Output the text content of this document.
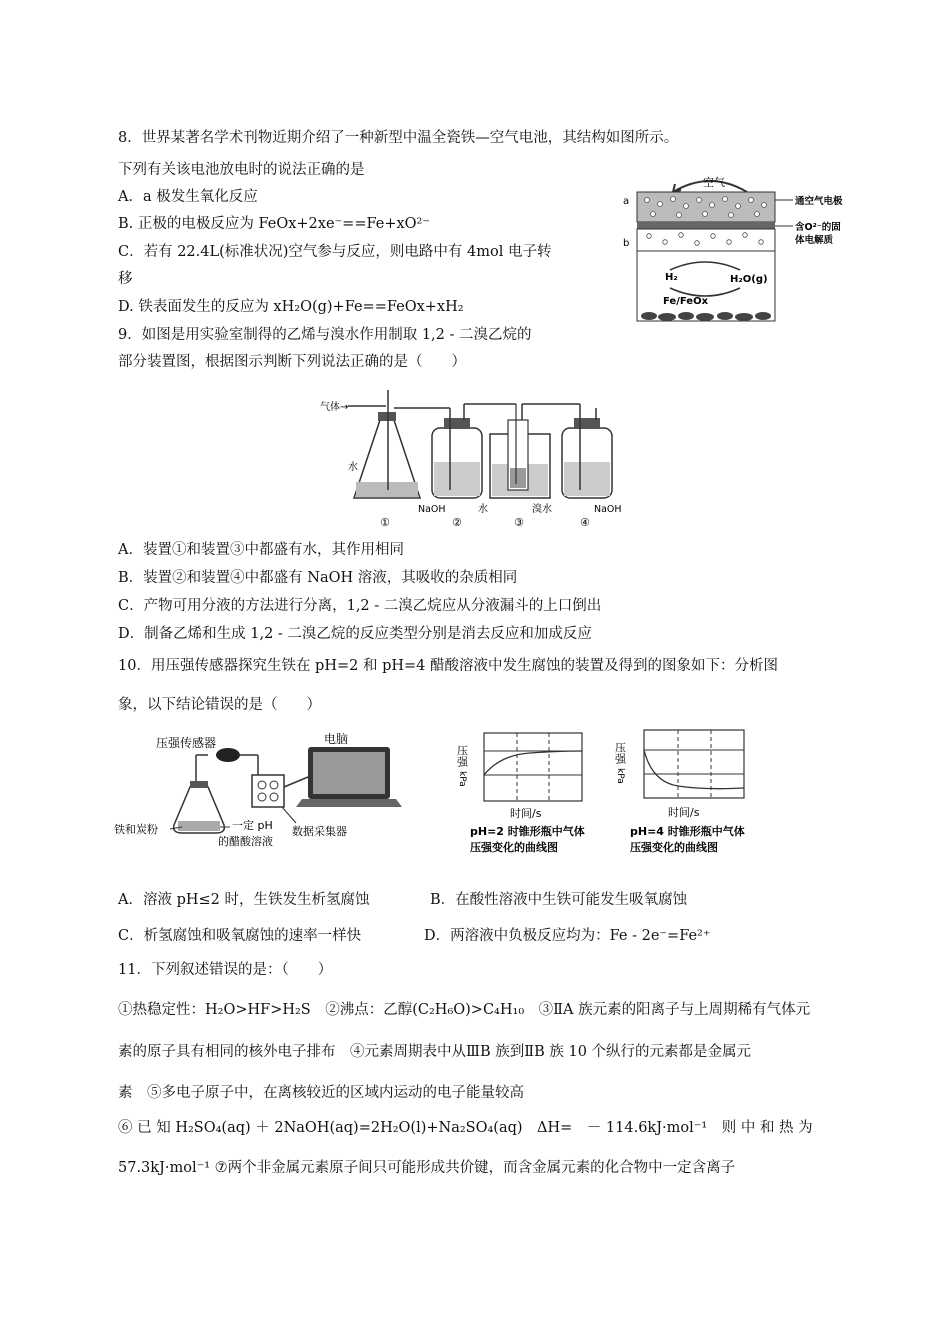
8．世界某著名学术刊物近期介绍了一种新型中温全瓷铁—空气电池，其结构如图所示。
下列有关该电池放电时的说法正确的是
A．a 极发生氧化反应
B. 正极的电极反应为 FeOx+2xe⁻==Fe+xO²⁻
C．若有 22.4L(标准状况)空气参与反应，则电路中有 4mol 电子转
移
D. 铁表面发生的反应为 xH₂O(g)+Fe==FeOx+xH₂
空气
a
b
通空气电极
含O²⁻的固
体电解质
H₂	H₂O(g)
Fe/FeOx
9．如图是用实验室制得的乙烯与溴水作用制取 1,2 - 二溴乙烷的
部分装置图，根据图示判断下列说法正确的是（　　）
气体→
水
NaOH	水	溴水	NaOH
①	②	③	④
A．装置①和装置③中都盛有水，其作用相同
B．装置②和装置④中都盛有 NaOH 溶液，其吸收的杂质相同
C．产物可用分液的方法进行分离，1,2 - 二溴乙烷应从分液漏斗的上口倒出
D．制备乙烯和生成 1,2 - 二溴乙烷的反应类型分别是消去反应和加成反应
10．用压强传感器探究生铁在 pH=2 和 pH=4 醋酸溶液中发生腐蚀的装置及得到的图象如下：分析图
象，以下结论错误的是（　　）
压强传感器
铁和炭粉	一定 pH
的醋酸溶液
数据采集器
电脑
压强
kPa
时间/s
pH=2 时锥形瓶中气体
压强变化的曲线图
压强
kPa
时间/s
pH=4 时锥形瓶中气体
压强变化的曲线图
A．溶液 pH≤2 时，生铁发生析氢腐蚀	B．在酸性溶液中生铁可能发生吸氧腐蚀
C．析氢腐蚀和吸氧腐蚀的速率一样快	D．两溶液中负极反应均为：Fe - 2e⁻=Fe²⁺
11．下列叙述错误的是：（　　）
①热稳定性：H₂O>HF>H₂S　②沸点：乙醇(C₂H₆O)>C₄H₁₀　③ⅡA 族元素的阳离子与上周期稀有气体元
素的原子具有相同的核外电子排布　④元素周期表中从ⅢB 族到ⅡB 族 10 个纵行的元素都是金属元
素　⑤多电子原子中，在离核较近的区域内运动的电子能量较高
⑥ 已 知 H₂SO₄(aq) ＋ 2NaOH(aq)=2H₂O(l)+Na₂SO₄(aq)　ΔH=　－ 114.6kJ·mol⁻¹　则 中 和 热 为
57.3kJ·mol⁻¹ ⑦两个非金属元素原子间只可能形成共价键，而含金属元素的化合物中一定含离子
